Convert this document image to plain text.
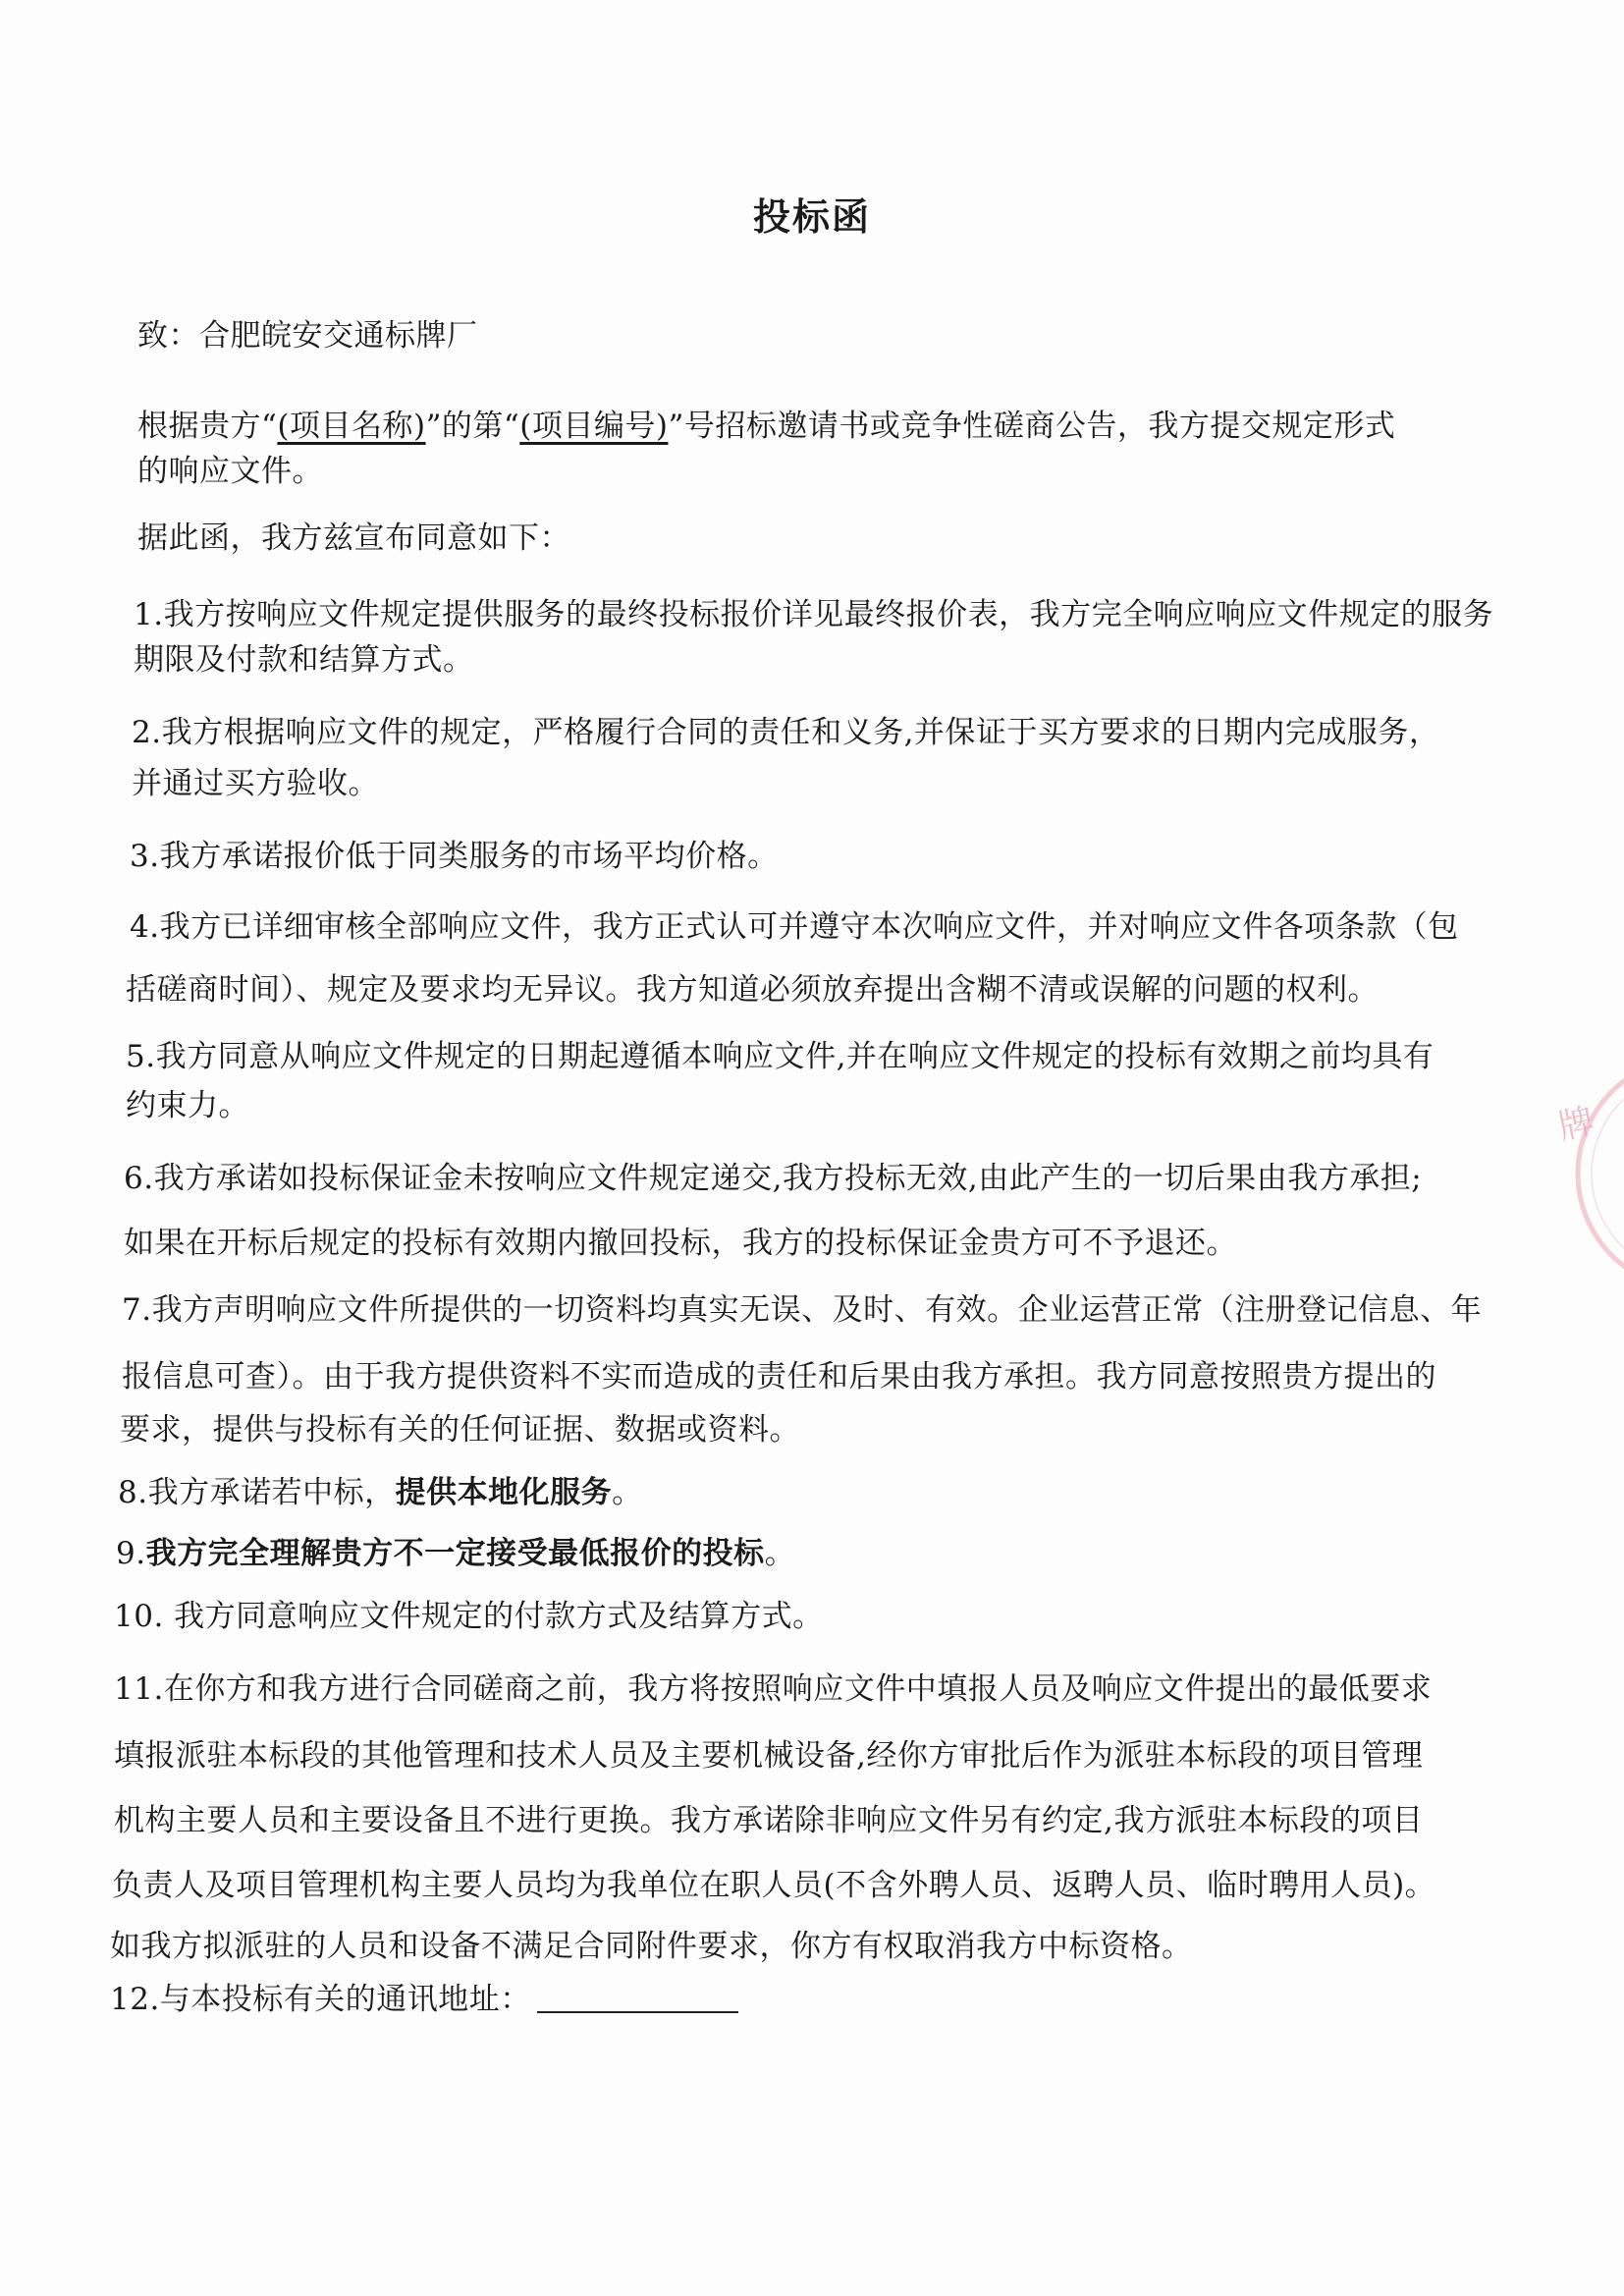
投标函
致：合肥皖安交通标牌厂
根据贵方“(项目名称)”的第“(项目编号)”号招标邀请书或竞争性磋商公告，我方提交规定形式
的响应文件。
据此函，我方兹宣布同意如下：
1.我方按响应文件规定提供服务的最终投标报价详见最终报价表，我方完全响应响应文件规定的服务
期限及付款和结算方式。
2.我方根据响应文件的规定，严格履行合同的责任和义务,并保证于买方要求的日期内完成服务，
并通过买方验收。
3.我方承诺报价低于同类服务的市场平均价格。
4.我方已详细审核全部响应文件，我方正式认可并遵守本次响应文件，并对响应文件各项条款（包
括磋商时间）、规定及要求均无异议。我方知道必须放弃提出含糊不清或误解的问题的权利。
5.我方同意从响应文件规定的日期起遵循本响应文件,并在响应文件规定的投标有效期之前均具有
约束力。
6.我方承诺如投标保证金未按响应文件规定递交,我方投标无效,由此产生的一切后果由我方承担;
如果在开标后规定的投标有效期内撤回投标，我方的投标保证金贵方可不予退还。
7.我方声明响应文件所提供的一切资料均真实无误、及时、有效。企业运营正常（注册登记信息、年
报信息可查）。由于我方提供资料不实而造成的责任和后果由我方承担。我方同意按照贵方提出的
要求，提供与投标有关的任何证据、数据或资料。
8.我方承诺若中标，提供本地化服务。
9.我方完全理解贵方不一定接受最低报价的投标。
10. 我方同意响应文件规定的付款方式及结算方式。
11.在你方和我方进行合同磋商之前，我方将按照响应文件中填报人员及响应文件提出的最低要求
填报派驻本标段的其他管理和技术人员及主要机械设备,经你方审批后作为派驻本标段的项目管理
机构主要人员和主要设备且不进行更换。我方承诺除非响应文件另有约定,我方派驻本标段的项目
负责人及项目管理机构主要人员均为我单位在职人员(不含外聘人员、返聘人员、临时聘用人员)。
如我方拟派驻的人员和设备不满足合同附件要求，你方有权取消我方中标资格。
12.与本投标有关的通讯地址：
牌
